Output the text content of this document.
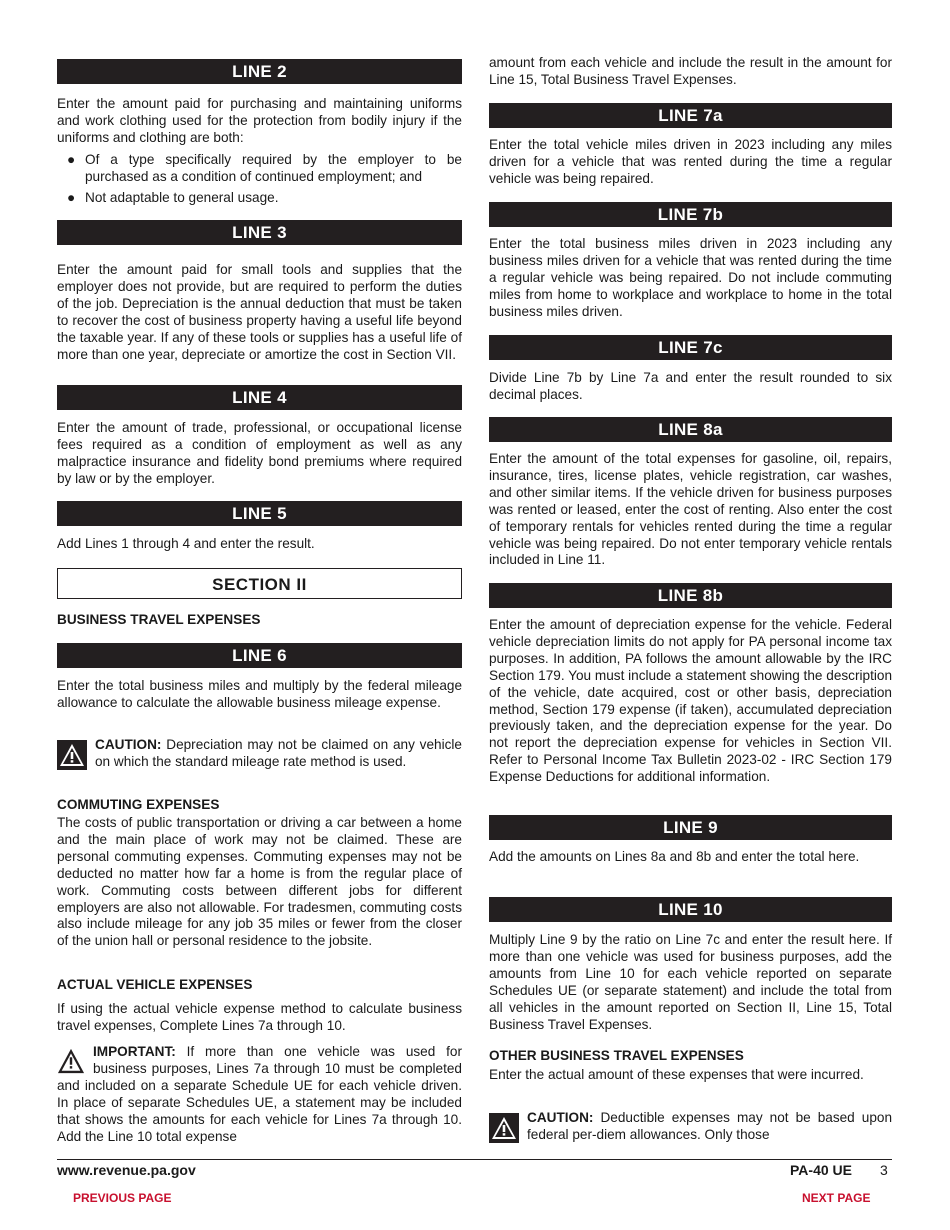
LINE 2

Enter the amount paid for purchasing and maintaining uniforms and work clothing used for the protection from bodily injury if the uniforms and clothing are both:

● Of a type specifically required by the employer to be purchased as a condition of continued employment; and
● Not adaptable to general usage.
LINE 3

Enter the amount paid for small tools and supplies that the employer does not provide, but are required to perform the duties of the job. Depreciation is the annual deduction that must be taken to recover the cost of business property having a useful life beyond the taxable year. If any of these tools or supplies has a useful life of more than one year, depreciate or amortize the cost in Section VII.

LINE 4

Enter the amount of trade, professional, or occupational license fees required as a condition of employment as well as any malpractice insurance and fidelity bond premiums where required by law or by the employer.

LINE 5

Add Lines 1 through 4 and enter the result.

SECTION II
BUSINESS TRAVEL EXPENSES
LINE 6

Enter the total business miles and multiply by the federal mileage allowance to calculate the allowable business mileage expense.

CAUTION: Depreciation may not be claimed on any vehicle on which the standard mileage rate method is used.

COMMUTING EXPENSES

The costs of public transportation or driving a car between a home and the main place of work may not be claimed. These are personal commuting expenses. Commuting expenses may not be deducted no matter how far a home is from the regular place of work. Commuting costs between different jobs for different employers are also not allowable. For tradesmen, commuting costs also include mileage for any job 35 miles or fewer from the closer of the union hall or personal residence to the jobsite.

ACTUAL VEHICLE EXPENSES

If using the actual vehicle expense method to calculate business travel expenses, Complete Lines 7a through 10.

IMPORTANT: If more than one vehicle was used for business purposes, Lines 7a through 10 must be completed and included on a separate Schedule UE for each vehicle driven. In place of separate Schedules UE, a statement may be included that shows the amounts for each vehicle for Lines 7a through 10. Add the Line 10 total expense

amount from each vehicle and include the result in the amount for Line 15, Total Business Travel Expenses.

LINE 7a

Enter the total vehicle miles driven in 2023 including any miles driven for a vehicle that was rented during the time a regular vehicle was being repaired.

LINE 7b

Enter the total business miles driven in 2023 including any business miles driven for a vehicle that was rented during the time a regular vehicle was being repaired. Do not include commuting miles from home to workplace and workplace to home in the total business miles driven.

LINE 7c

Divide Line 7b by Line 7a and enter the result rounded to six decimal places.

LINE 8a

Enter the amount of the total expenses for gasoline, oil, repairs, insurance, tires, license plates, vehicle registration, car washes, and other similar items. If the vehicle driven for business purposes was rented or leased, enter the cost of renting. Also enter the cost of temporary rentals for vehicles rented during the time a regular vehicle was being repaired. Do not enter temporary vehicle rentals included in Line 11.

LINE 8b

Enter the amount of depreciation expense for the vehicle. Federal vehicle depreciation limits do not apply for PA personal income tax purposes. In addition, PA follows the amount allowable by the IRC Section 179. You must include a statement showing the description of the vehicle, date acquired, cost or other basis, depreciation method, Section 179 expense (if taken), accumulated depreciation previously taken, and the depreciation expense for the year. Do not report the depreciation expense for vehicles in Section VII. Refer to Personal Income Tax Bulletin 2023-02 - IRC Section 179 Expense Deductions for additional information.

LINE 9

Add the amounts on Lines 8a and 8b and enter the total here.

LINE 10

Multiply Line 9 by the ratio on Line 7c and enter the result here. If more than one vehicle was used for business purposes, add the amounts from Line 10 for each vehicle reported on separate Schedules UE (or separate statement) and include the total from all vehicles in the amount reported on Section II, Line 15, Total Business Travel Expenses.

OTHER BUSINESS TRAVEL EXPENSES

Enter the actual amount of these expenses that were incurred.

CAUTION: Deductible expenses may not be based upon federal per-diem allowances. Only those

www.revenue.pa.gov	PA-40 UE 3
PREVIOUS PAGE	NEXT PAGE
